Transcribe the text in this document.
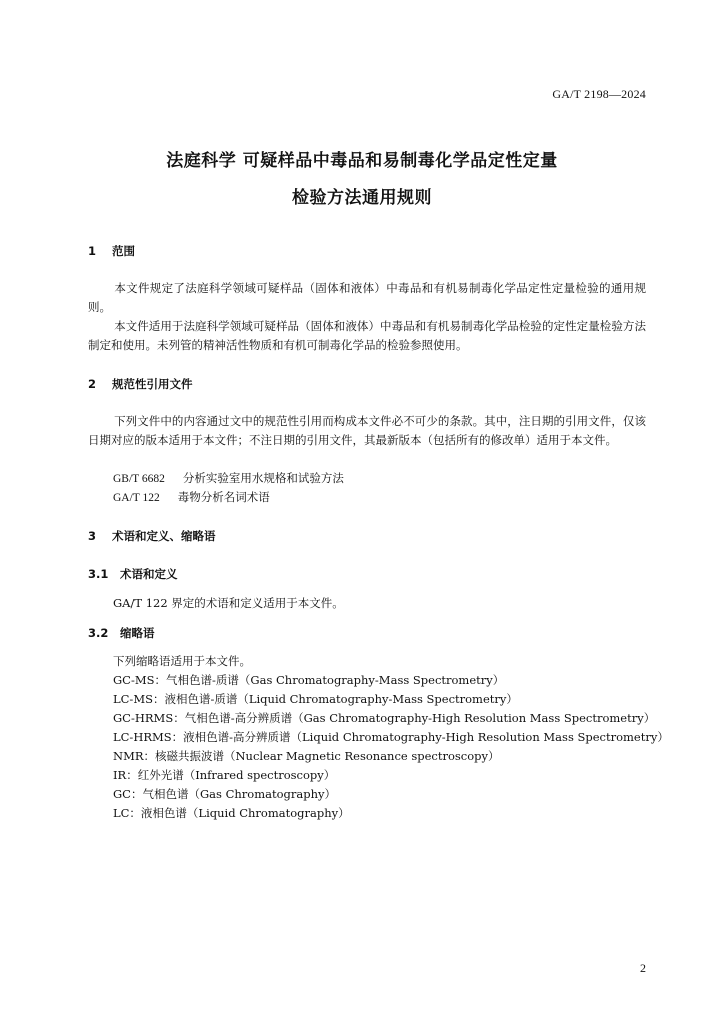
GA/T 2198—2024
法庭科学 可疑样品中毒品和易制毒化学品定性定量
检验方法通用规则
1 范围
本文件规定了法庭科学领域可疑样品（固体和液体）中毒品和有机易制毒化学品定性定量检验的通用规则。
本文件适用于法庭科学领域可疑样品（固体和液体）中毒品和有机易制毒化学品检验的定性定量检验方法制定和使用。未列管的精神活性物质和有机可制毒化学品的检验参照使用。
2 规范性引用文件
下列文件中的内容通过文中的规范性引用而构成本文件必不可少的条款。其中，注日期的引用文件，仅该日期对应的版本适用于本文件；不注日期的引用文件，其最新版本（包括所有的修改单）适用于本文件。
GB/T 6682 分析实验室用水规格和试验方法
GA/T 122 毒物分析名词术语
3 术语和定义、缩略语
3.1 术语和定义
GA/T 122 界定的术语和定义适用于本文件。
3.2 缩略语
下列缩略语适用于本文件。
GC-MS：气相色谱-质谱（Gas Chromatography-Mass Spectrometry）
LC-MS：液相色谱-质谱（Liquid Chromatography-Mass Spectrometry）
GC-HRMS：气相色谱-高分辨质谱（Gas Chromatography-High Resolution Mass Spectrometry）
LC-HRMS：液相色谱-高分辨质谱（Liquid Chromatography-High Resolution Mass Spectrometry）
NMR：核磁共振波谱（Nuclear Magnetic Resonance spectroscopy）
IR：红外光谱（Infrared spectroscopy）
GC：气相色谱（Gas Chromatography）
LC：液相色谱（Liquid Chromatography）
2
